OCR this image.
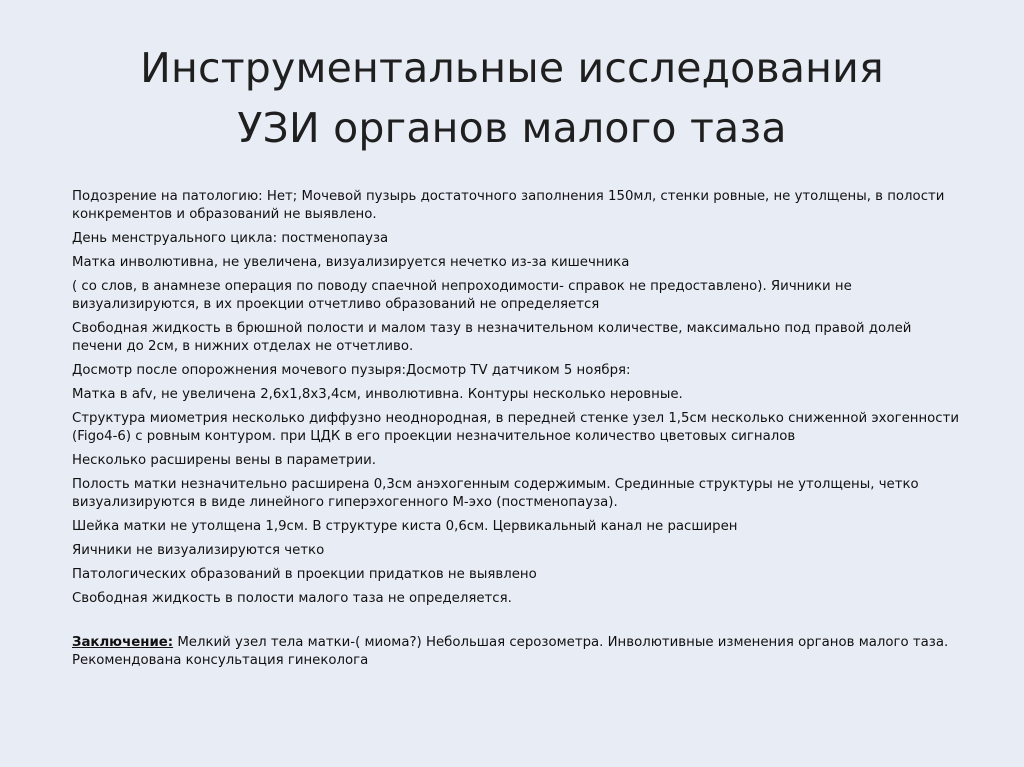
Инструментальные исследования
УЗИ органов малого таза

Подозрение на патологию: Нет; Мочевой пузырь достаточного заполнения 150мл, стенки ровные, не утолщены, в полости конкрементов и образований не выявлено.

День менструального цикла: постменопауза

Матка инволютивна, не увеличена, визуализируется нечетко из-за кишечника

( со слов, в анамнезе операция по поводу спаечной непроходимости- справок не предоставлено). Яичники не визуализируются, в их проекции отчетливо образований не определяется

Свободная жидкость в брюшной полости и малом тазу в незначительном количестве, максимально под правой долей печени до 2см, в нижних отделах не отчетливо.

Досмотр после опорожнения мочевого пузыря:Досмотр TV датчиком 5 ноября:

Матка в afv, не увеличена 2,6х1,8х3,4см, инволютивна. Контуры несколько неровные.

Структура миометрия несколько диффузно неоднородная, в передней стенке узел 1,5см несколько сниженной эхогенности (Figo4-6) с ровным контуром. при ЦДК в его проекции незначительное количество цветовых сигналов

Несколько расширены вены в параметрии.

Полость матки незначительно расширена 0,3см анэхогенным содержимым. Срединные структуры не утолщены, четко визуализируются в виде линейного гиперэхогенного М-эхо (постменопауза).

Шейка матки не утолщена 1,9см. В структуре киста 0,6см. Цервикальный канал не расширен

Яичники не визуализируются четко

Патологических образований в проекции придатков не выявлено

Свободная жидкость в полости малого таза не определяется.

Заключение: Мелкий узел тела матки-( миома?) Небольшая серозометра. Инволютивные изменения органов малого таза. Рекомендована консультация гинеколога
